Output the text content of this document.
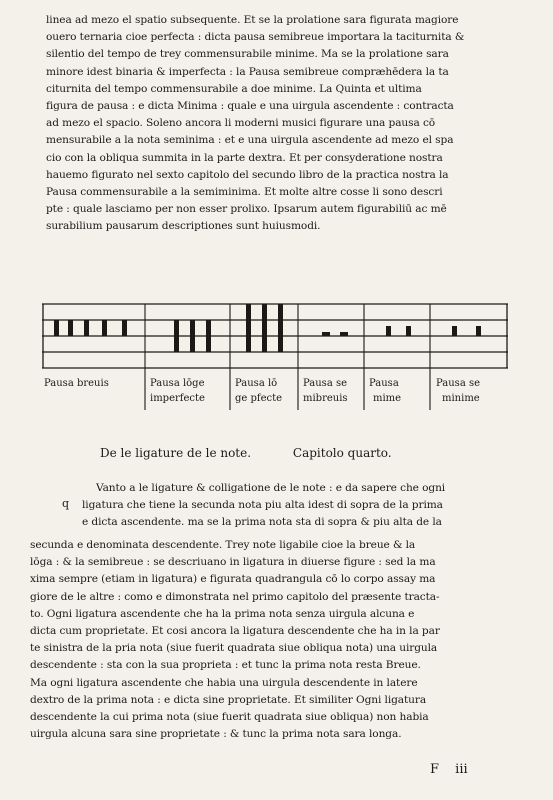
linea ad mezo el spatio subsequente. Et se la prolatione sara figurata magiore
ouero ternaria cioe perfecta : dicta pausa semibreue importara la taciturnita &
silentio del tempo de trey commensurabile minime. Ma se la prolatione sara
minore idest binaria & imperfecta : la Pausa semibreue compræhēdera la ta
citurnita del tempo commensurabile a doe minime. La Quinta et ultima
figura de pausa : e dicta Minima : quale e una uirgula ascendente : contracta
ad mezo el spacio. Soleno ancora li moderni musici figurare una pausa cō
mensurabile a la nota seminima : et e una uirgula ascendente ad mezo el spa
cio con la obliqua summita in la parte dextra. Et per consyderatione nostra
hauemo figurato nel sexto capitolo del secundo libro de la practica nostra la
Pausa commensurabile a la semiminima. Et molte altre cosse li sono descri
pte : quale lasciamo per non esser prolixo. Ipsarum autem figurabiliū ac mē
surabilium pausarum descriptiones sunt huiusmodi.
Pausa breuis	Pausa lōge
imperfecte
Pausa lō
ge pfecte
Pausa se
mibreuis
Pausa
mime
Pausa se
minime
De le ligature de le note.	Capitolo quarto.
q
Vanto a le ligature & colligatione de le note : e da sapere che ogni
ligatura che tiene la secunda nota piu alta idest di sopra de la prima
e dicta ascendente. ma se la prima nota sta di sopra & piu alta de la
secunda e denominata descendente. Trey note ligabile cioe la breue & la
lōga : & la semibreue : se descriuano in ligatura in diuerse figure : sed la ma
xima sempre (etiam in ligatura) e figurata quadrangula cō lo corpo assay ma
giore de le altre : como e dimonstrata nel primo capitolo del præsente tracta-
to. Ogni ligatura ascendente che ha la prima nota senza uirgula alcuna e
dicta cum proprietate. Et cosi ancora la ligatura descendente che ha in la par
te sinistra de la pria nota (siue fuerit quadrata siue obliqua nota) una uirgula
descendente : sta con la sua proprieta : et tunc la prima nota resta Breue.
Ma ogni ligatura ascendente che habia una uirgula descendente in latere
dextro de la prima nota : e dicta sine proprietate. Et similiter Ogni ligatura
descendente la cui prima nota (siue fuerit quadrata siue obliqua) non habia
uirgula alcuna sara sine proprietate : & tunc la prima nota sara longa.
F iii
